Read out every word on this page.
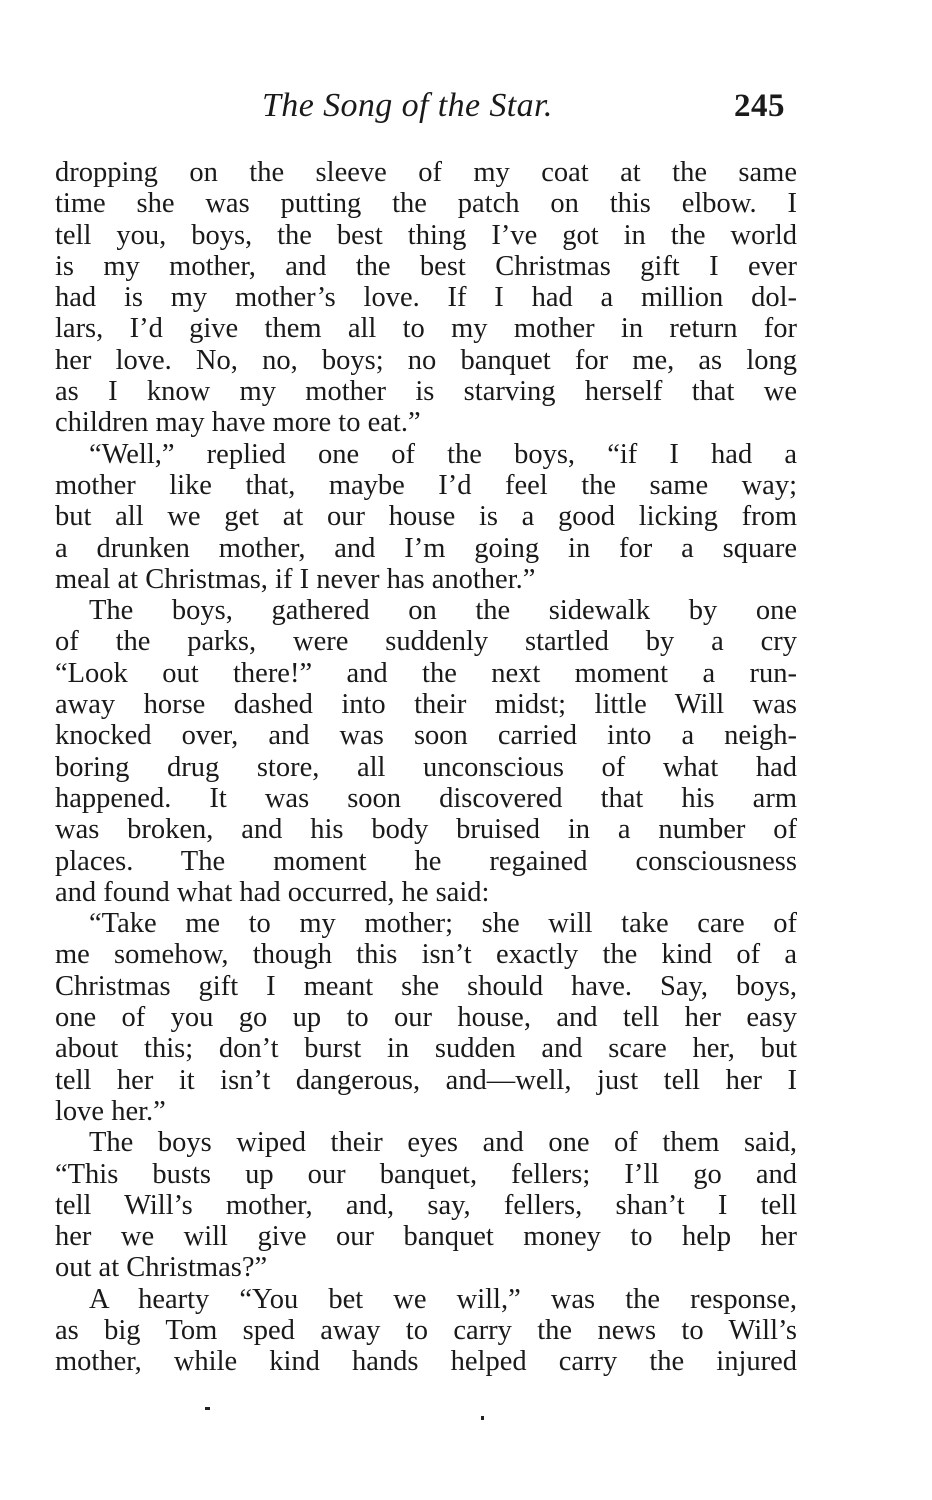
The Song of the Star.	245
dropping on the sleeve of my coat at the same
time she was putting the patch on this elbow. I
tell you, boys, the best thing I’ve got in the world
is my mother, and the best Christmas gift I ever
had is my mother’s love. If I had a million dol-
lars, I’d give them all to my mother in return for
her love. No, no, boys; no banquet for me, as long
as I know my mother is starving herself that we
children may have more to eat.”
“Well,” replied one of the boys, “if I had a
mother like that, maybe I’d feel the same way;
but all we get at our house is a good licking from
a drunken mother, and I’m going in for a square
meal at Christmas, if I never has another.”
The boys, gathered on the sidewalk by one
of the parks, were suddenly startled by a cry
“Look out there!” and the next moment a run-
away horse dashed into their midst; little Will was
knocked over, and was soon carried into a neigh-
boring drug store, all unconscious of what had
happened. It was soon discovered that his arm
was broken, and his body bruised in a number of
places. The moment he regained consciousness
and found what had occurred, he said:
“Take me to my mother; she will take care of
me somehow, though this isn’t exactly the kind of a
Christmas gift I meant she should have. Say, boys,
one of you go up to our house, and tell her easy
about this; don’t burst in sudden and scare her, but
tell her it isn’t dangerous, and—well, just tell her I
love her.”
The boys wiped their eyes and one of them said,
“This busts up our banquet, fellers; I’ll go and
tell Will’s mother, and, say, fellers, shan’t I tell
her we will give our banquet money to help her
out at Christmas?”
A hearty “You bet we will,” was the response,
as big Tom sped away to carry the news to Will’s
mother, while kind hands helped carry the injured
